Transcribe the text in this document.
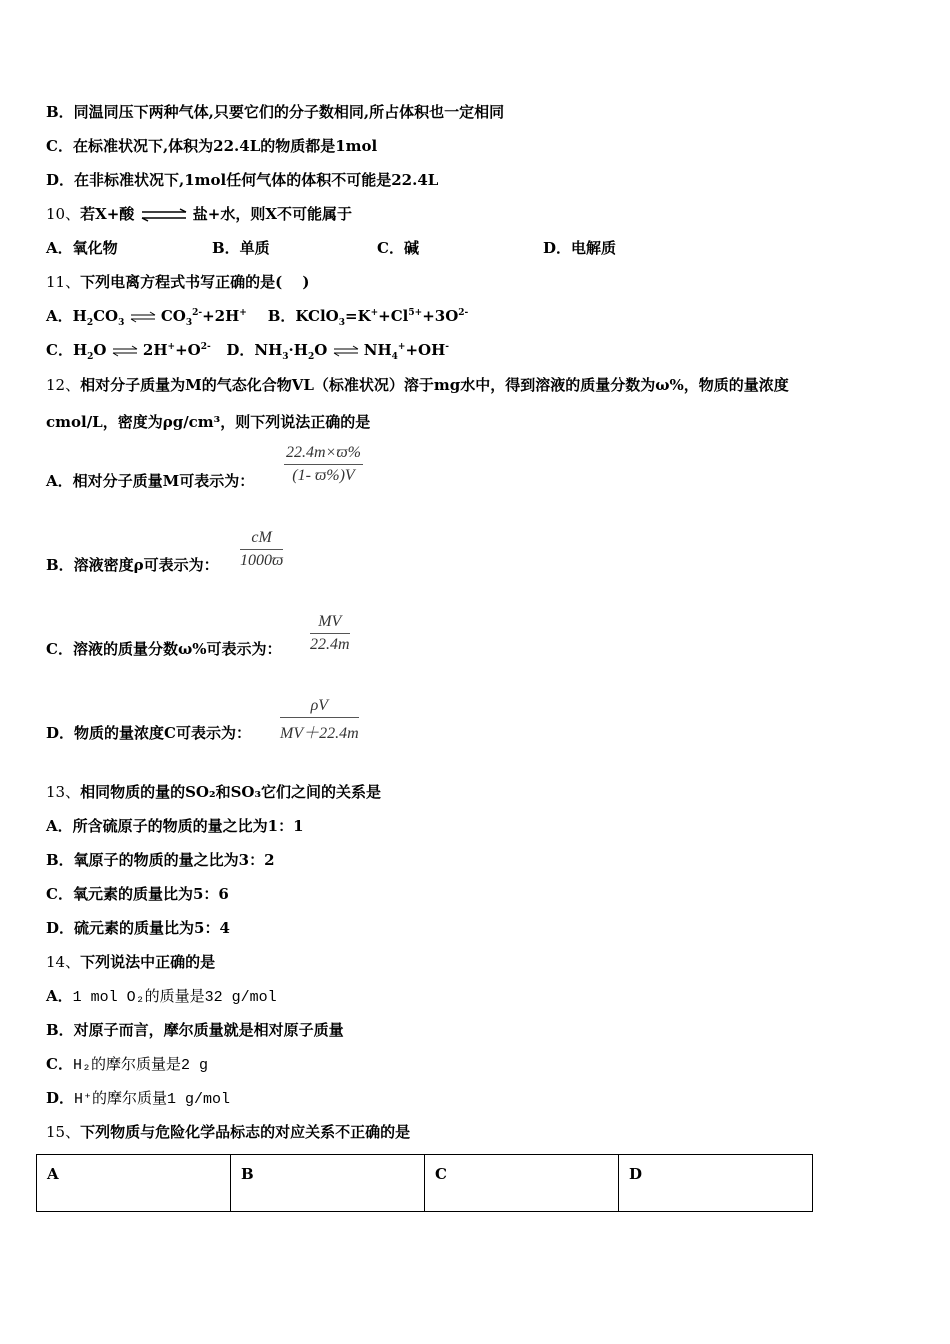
B．同温同压下两种气体,只要它们的分子数相同,所占体积也一定相同
C．在标准状况下,体积为22.4L的物质都是1mol
D．在非标准状况下,1mol任何气体的体积不可能是22.4L
10、若X+酸 ⇌ 盐+水，则X不可能属于
A．氧化物	B．单质	C．碱	D．电解质
11、下列电离方程式书写正确的是(　 )
A．$H_2CO_3$ ⇌ $CO_3^{2-}+2H^+$    B．$KClO_3=K^++Cl^{5+}+3O^{2-}$
C．$H_2O$ ⇌ $2H^++O^{2-}$   D．$NH_3\cdot H_2O$ ⇌ $NH_4^++OH^-$
12、相对分子质量为M的气态化合物VL（标准状况）溶于mg水中，得到溶液的质量分数为ω%，物质的量浓度
cmol/L，密度为ρg/cm³，则下列说法正确的是
A．相对分子质量M可表示为： $\frac{22.4m\times ϖ\%}{(1- ϖ\%)V}$
B．溶液密度ρ可表示为： $\frac{cM}{1000ϖ}$
C．溶液的质量分数ω%可表示为： $\frac{MV}{22.4m}$
D．物质的量浓度C可表示为： $\frac{\rho V}{MV+22.4m}$
13、相同物质的量的SO₂和SO₃它们之间的关系是
A．所含硫原子的物质的量之比为1：1
B．氧原子的物质的量之比为3：2
C．氧元素的质量比为5：6
D．硫元素的质量比为5：4
14、下列说法中正确的是
A．1 mol O₂的质量是32 g/mol
B．对原子而言，摩尔质量就是相对原子质量
C．H₂的摩尔质量是2 g
D．H⁺的摩尔质量1 g/mol
15、下列物质与危险化学品标志的对应关系不正确的是
A	B	C	D
